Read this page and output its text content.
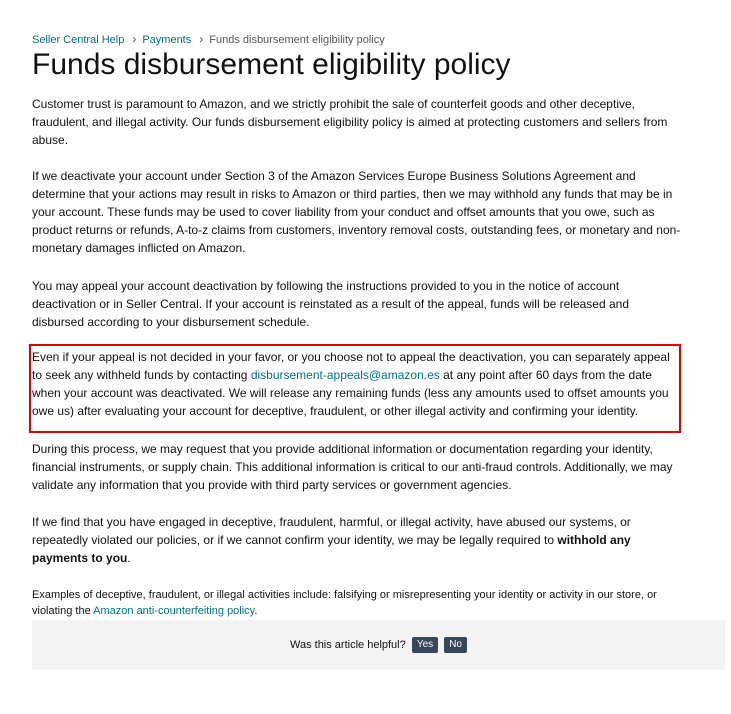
Seller Central Help › Payments › Funds disbursement eligibility policy
Funds disbursement eligibility policy

Customer trust is paramount to Amazon, and we strictly prohibit the sale of counterfeit goods and other deceptive, fraudulent, and illegal activity. Our funds disbursement eligibility policy is aimed at protecting customers and sellers from abuse.

If we deactivate your account under Section 3 of the Amazon Services Europe Business Solutions Agreement and determine that your actions may result in risks to Amazon or third parties, then we may withhold any funds that may be in your account. These funds may be used to cover liability from your conduct and offset amounts that you owe, such as product returns or refunds, A-to-z claims from customers, inventory removal costs, outstanding fees, or monetary and non-monetary damages inflicted on Amazon.

You may appeal your account deactivation by following the instructions provided to you in the notice of account deactivation or in Seller Central. If your account is reinstated as a result of the appeal, funds will be released and disbursed according to your disbursement schedule.

Even if your appeal is not decided in your favor, or you choose not to appeal the deactivation, you can separately appeal to seek any withheld funds by contacting disbursement-appeals@amazon.es at any point after 60 days from the date when your account was deactivated. We will release any remaining funds (less any amounts used to offset amounts you owe us) after evaluating your account for deceptive, fraudulent, or other illegal activity and confirming your identity.

During this process, we may request that you provide additional information or documentation regarding your identity, financial instruments, or supply chain. This additional information is critical to our anti-fraud controls. Additionally, we may validate any information that you provide with third party services or government agencies.

If we find that you have engaged in deceptive, fraudulent, harmful, or illegal activity, have abused our systems, or repeatedly violated our policies, or if we cannot confirm your identity, we may be legally required to withhold any payments to you.

Examples of deceptive, fraudulent, or illegal activities include: falsifying or misrepresenting your identity or activity in our store, or violating the Amazon anti-counterfeiting policy.

Was this article helpful? Yes No
